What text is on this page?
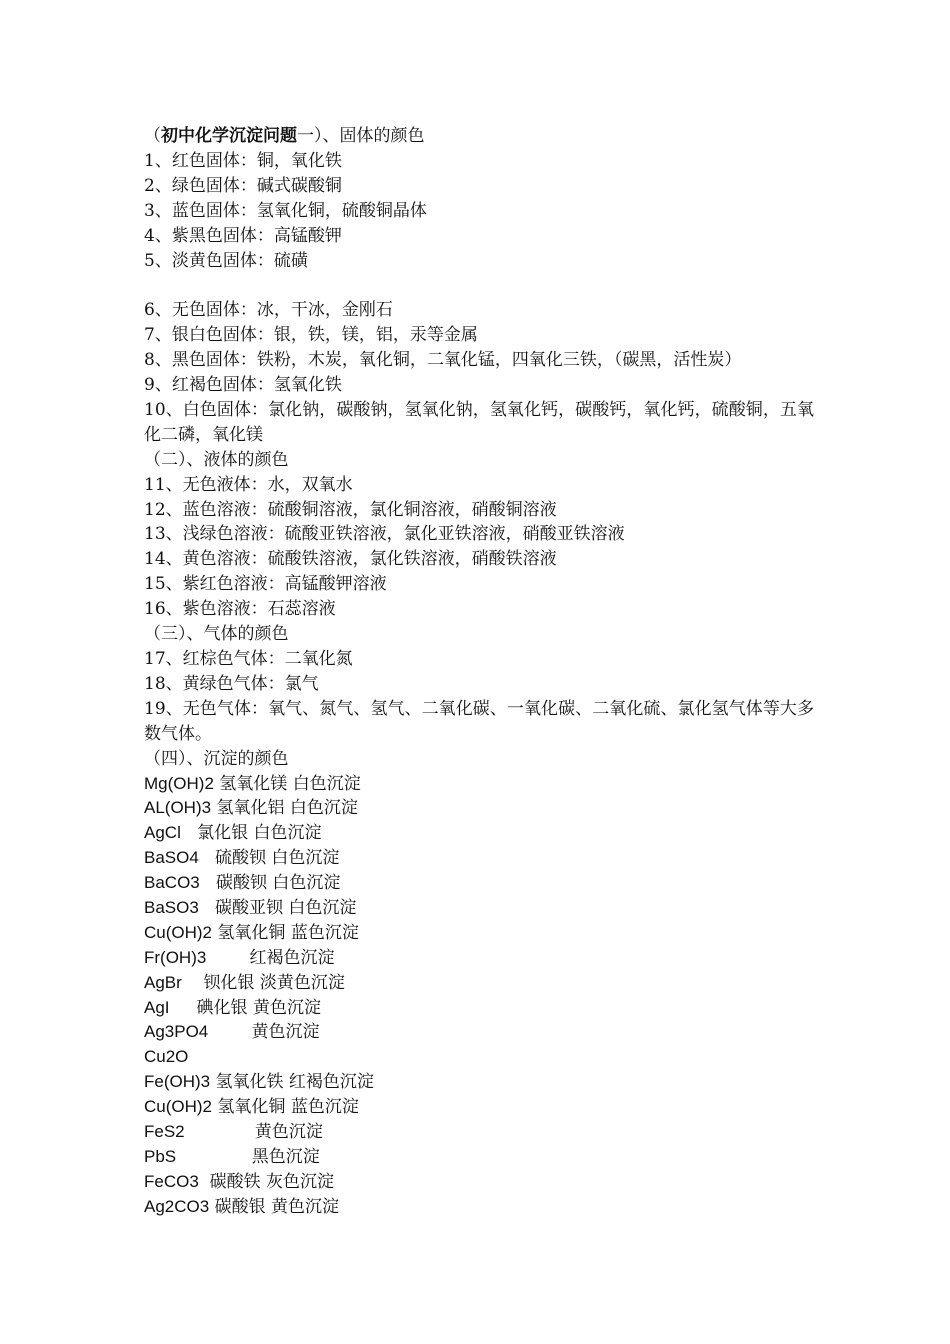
（初中化学沉淀问题一）、固体的颜色
1、红色固体：铜，氧化铁
2、绿色固体：碱式碳酸铜
3、蓝色固体：氢氧化铜，硫酸铜晶体
4、紫黑色固体：高锰酸钾
5、淡黄色固体：硫磺
6、无色固体：冰，干冰，金刚石
7、银白色固体：银，铁，镁，铝，汞等金属
8、黑色固体：铁粉，木炭，氧化铜，二氧化锰，四氧化三铁，（碳黑，活性炭）
9、红褐色固体：氢氧化铁
10、白色固体：氯化钠，碳酸钠，氢氧化钠，氢氧化钙，碳酸钙，氧化钙，硫酸铜，五氧化二磷，氧化镁
（二）、液体的颜色
11、无色液体：水，双氧水
12、蓝色溶液：硫酸铜溶液，氯化铜溶液，硝酸铜溶液
13、浅绿色溶液：硫酸亚铁溶液，氯化亚铁溶液，硝酸亚铁溶液
14、黄色溶液：硫酸铁溶液，氯化铁溶液，硝酸铁溶液
15、紫红色溶液：高锰酸钾溶液
16、紫色溶液：石蕊溶液
（三）、气体的颜色
17、红棕色气体：二氧化氮
18、黄绿色气体：氯气
19、无色气体：氧气、氮气、氢气、二氧化碳、一氧化碳、二氧化硫、氯化氢气体等大多数气体。
（四）、沉淀的颜色
Mg(OH)2 氢氧化镁 白色沉淀
AL(OH)3 氢氧化铝 白色沉淀
AgCl   氯化银 白色沉淀
BaSO4   硫酸钡 白色沉淀
BaCO3   碳酸钡 白色沉淀
BaSO3   碳酸亚钡 白色沉淀
Cu(OH)2 氢氧化铜 蓝色沉淀
Fr(OH)3        红褐色沉淀
AgBr    钡化银 淡黄色沉淀
AgI     碘化银 黄色沉淀
Ag3PO4        黄色沉淀
Cu2O
Fe(OH)3 氢氧化铁 红褐色沉淀
Cu(OH)2 氢氧化铜 蓝色沉淀
FeS2             黄色沉淀
PbS              黑色沉淀
FeCO3  碳酸铁 灰色沉淀
Ag2CO3 碳酸银 黄色沉淀
